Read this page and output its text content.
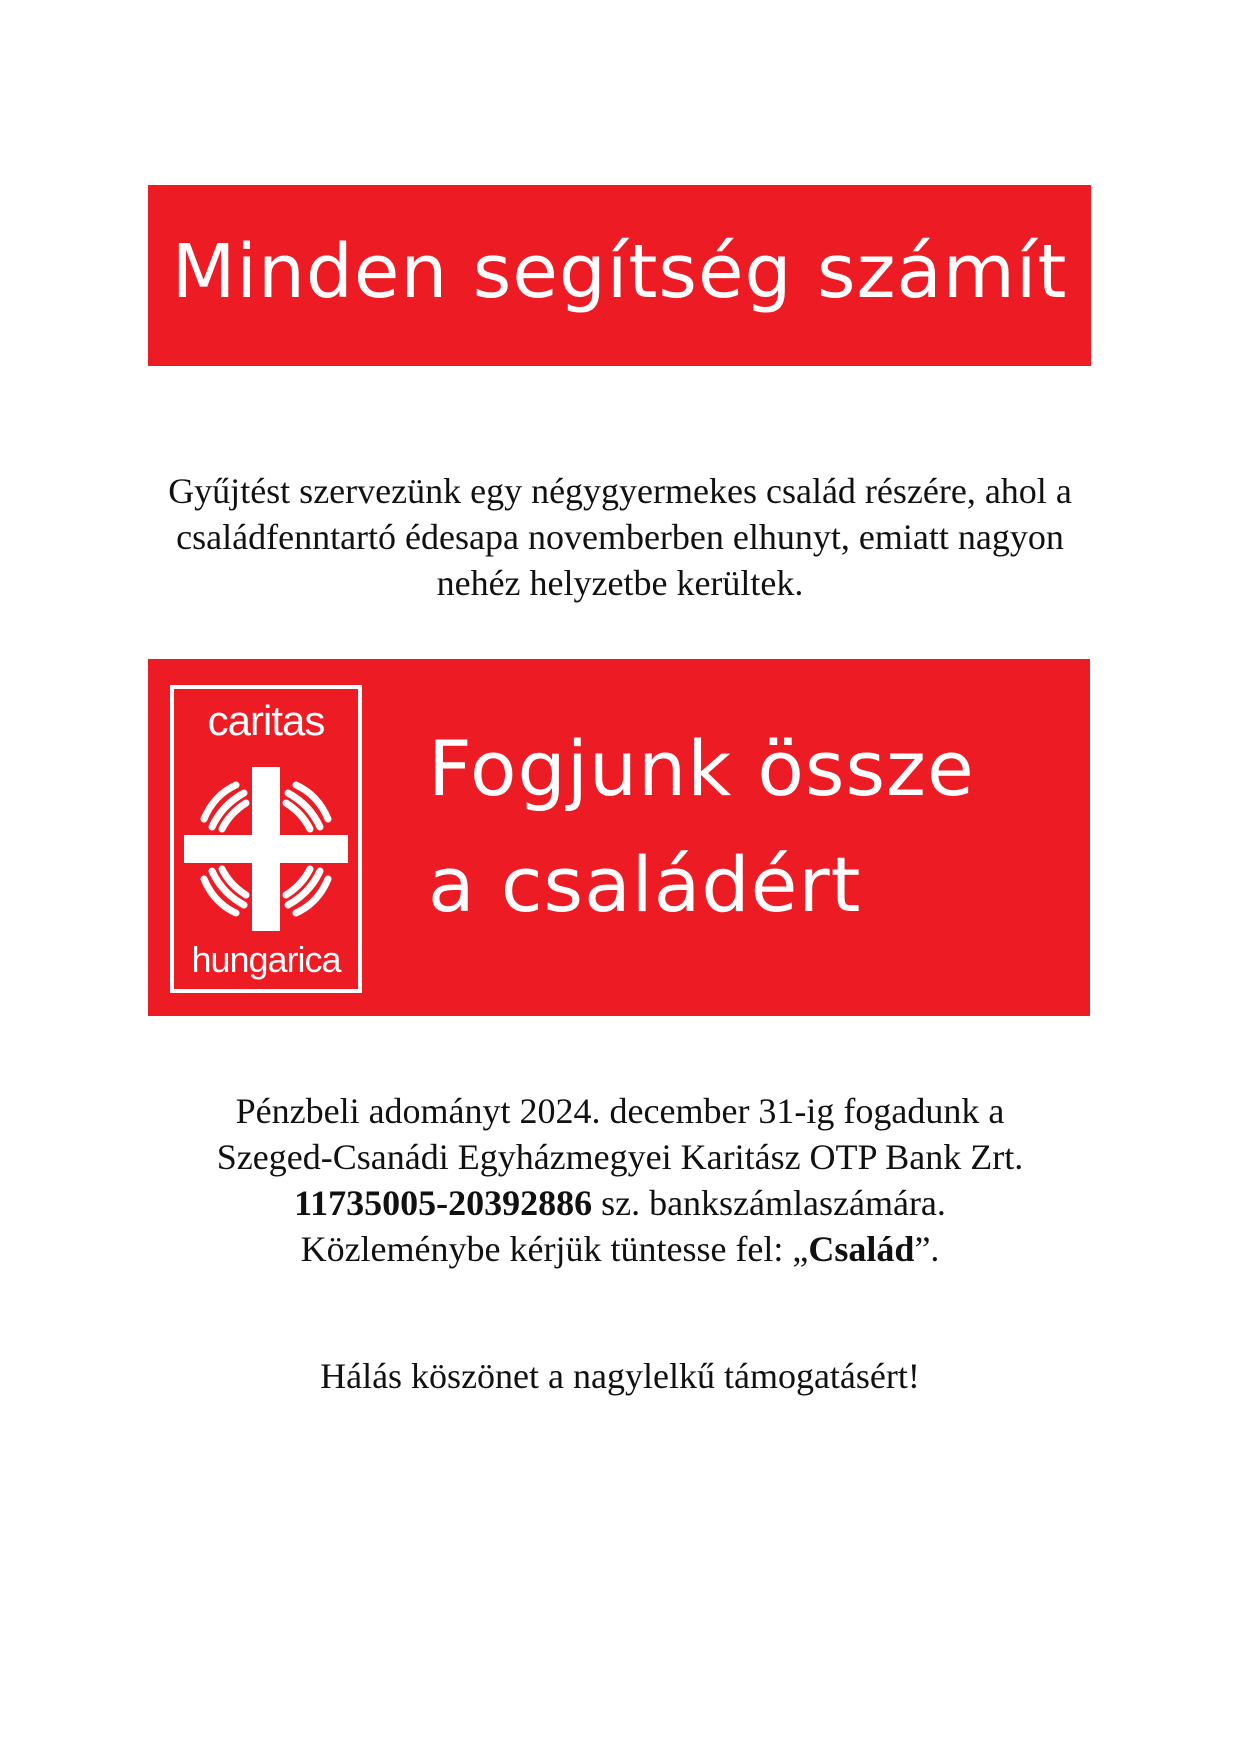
Minden segítség számít
Gyűjtést szervezünk egy négygyermekes család részére, ahol a
családfenntartó édesapa novemberben elhunyt, emiatt nagyon
nehéz helyzetbe kerültek.
caritas
hungarica
Fogjunk össze
a családért
Pénzbeli adományt 2024. december 31-ig fogadunk a
Szeged-Csanádi Egyházmegyei Karitász OTP Bank Zrt.
11735005-20392886 sz. bankszámlaszámára.
Közleménybe kérjük tüntesse fel: „Család”.
Hálás köszönet a nagylelkű támogatásért!
